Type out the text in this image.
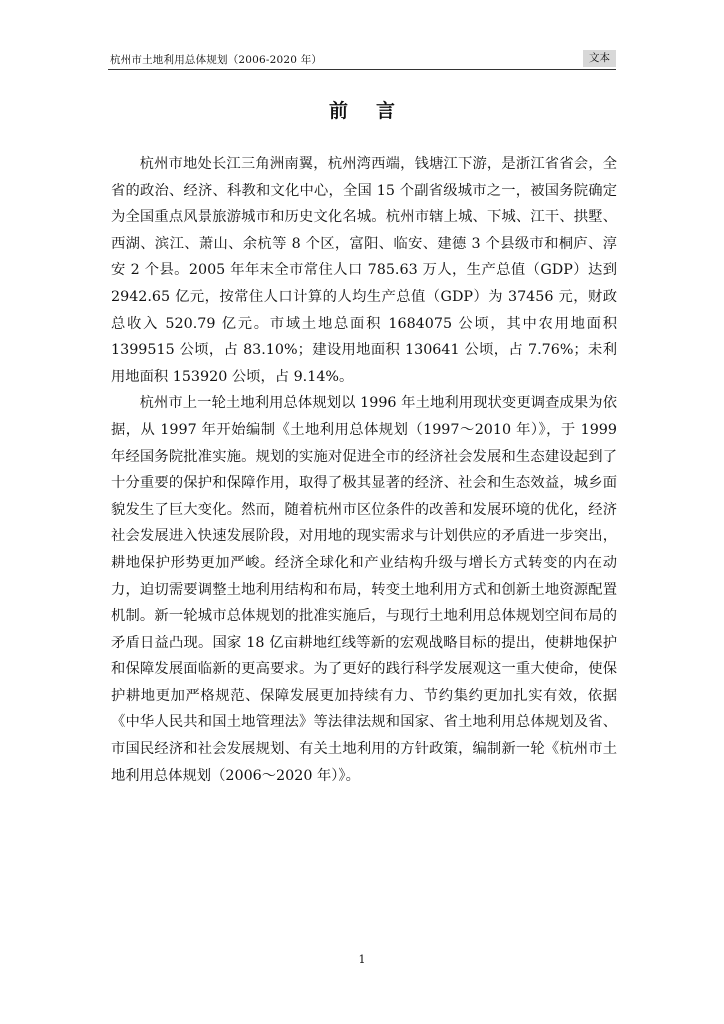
杭州市土地利用总体规划（2006-2020 年）	文本
前言

杭州市地处长江三角洲南翼，杭州湾西端，钱塘江下游，是浙江省省会，全省的政治、经济、科教和文化中心，全国 15 个副省级城市之一，被国务院确定为全国重点风景旅游城市和历史文化名城。杭州市辖上城、下城、江干、拱墅、西湖、滨江、萧山、余杭等 8 个区，富阳、临安、建德 3 个县级市和桐庐、淳安 2 个县。2005 年年末全市常住人口 785.63 万人，生产总值（GDP）达到 2942.65 亿元，按常住人口计算的人均生产总值（GDP）为 37456 元，财政总收入 520.79 亿元。市域土地总面积 1684075 公顷，其中农用地面积 1399515 公顷，占 83.10%；建设用地面积 130641 公顷，占 7.76%；未利用地面积 153920 公顷，占 9.14%。

杭州市上一轮土地利用总体规划以 1996 年土地利用现状变更调查成果为依据，从 1997 年开始编制《土地利用总体规划（1997～2010 年）》，于 1999 年经国务院批准实施。规划的实施对促进全市的经济社会发展和生态建设起到了十分重要的保护和保障作用，取得了极其显著的经济、社会和生态效益，城乡面貌发生了巨大变化。然而，随着杭州市区位条件的改善和发展环境的优化，经济社会发展进入快速发展阶段，对用地的现实需求与计划供应的矛盾进一步突出，耕地保护形势更加严峻。经济全球化和产业结构升级与增长方式转变的内在动力，迫切需要调整土地利用结构和布局，转变土地利用方式和创新土地资源配置机制。新一轮城市总体规划的批准实施后，与现行土地利用总体规划空间布局的矛盾日益凸现。国家 18 亿亩耕地红线等新的宏观战略目标的提出，使耕地保护和保障发展面临新的更高要求。为了更好的践行科学发展观这一重大使命，使保护耕地更加严格规范、保障发展更加持续有力、节约集约更加扎实有效，依据《中华人民共和国土地管理法》等法律法规和国家、省土地利用总体规划及省、市国民经济和社会发展规划、有关土地利用的方针政策，编制新一轮《杭州市土地利用总体规划（2006～2020 年）》。

1
